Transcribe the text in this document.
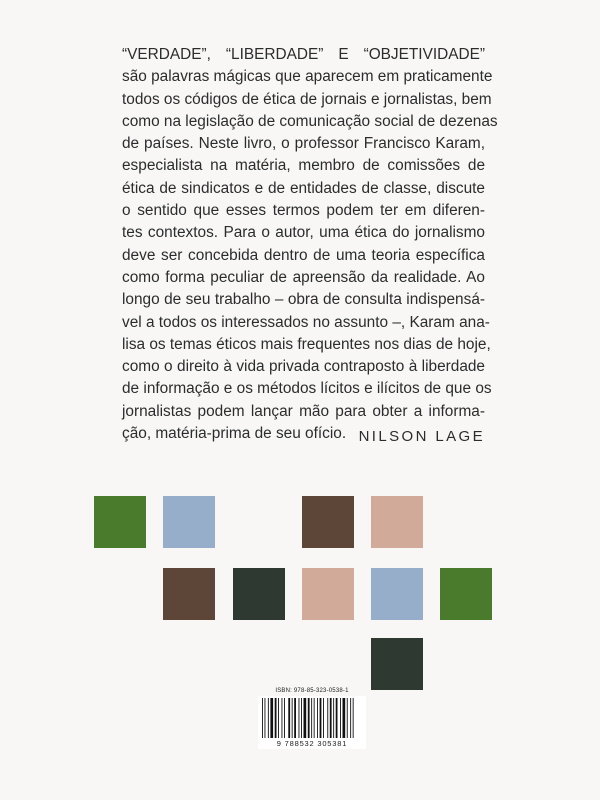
“VERDADE”, “LIBERDADE” E “OBJETIVIDADE”
são palavras mágicas que aparecem em praticamente
todos os códigos de ética de jornais e jornalistas, bem
como na legislação de comunicação social de dezenas
de países. Neste livro, o professor Francisco Karam,
especialista na matéria, membro de comissões de
ética de sindicatos e de entidades de classe, discute
o sentido que esses termos podem ter em diferen-
tes contextos. Para o autor, uma ética do jornalismo
deve ser concebida dentro de uma teoria específica
como forma peculiar de apreensão da realidade. Ao
longo de seu trabalho – obra de consulta indispensá-
vel a todos os interessados no assunto –, Karam ana-
lisa os temas éticos mais frequentes nos dias de hoje,
como o direito à vida privada contraposto à liberdade
de informação e os métodos lícitos e ilícitos de que os
jornalistas podem lançar mão para obter a informa-
ção, matéria-prima de seu ofício. NILSON LAGE
ISBN: 978-85-323-0538-1
9 788532 305381
